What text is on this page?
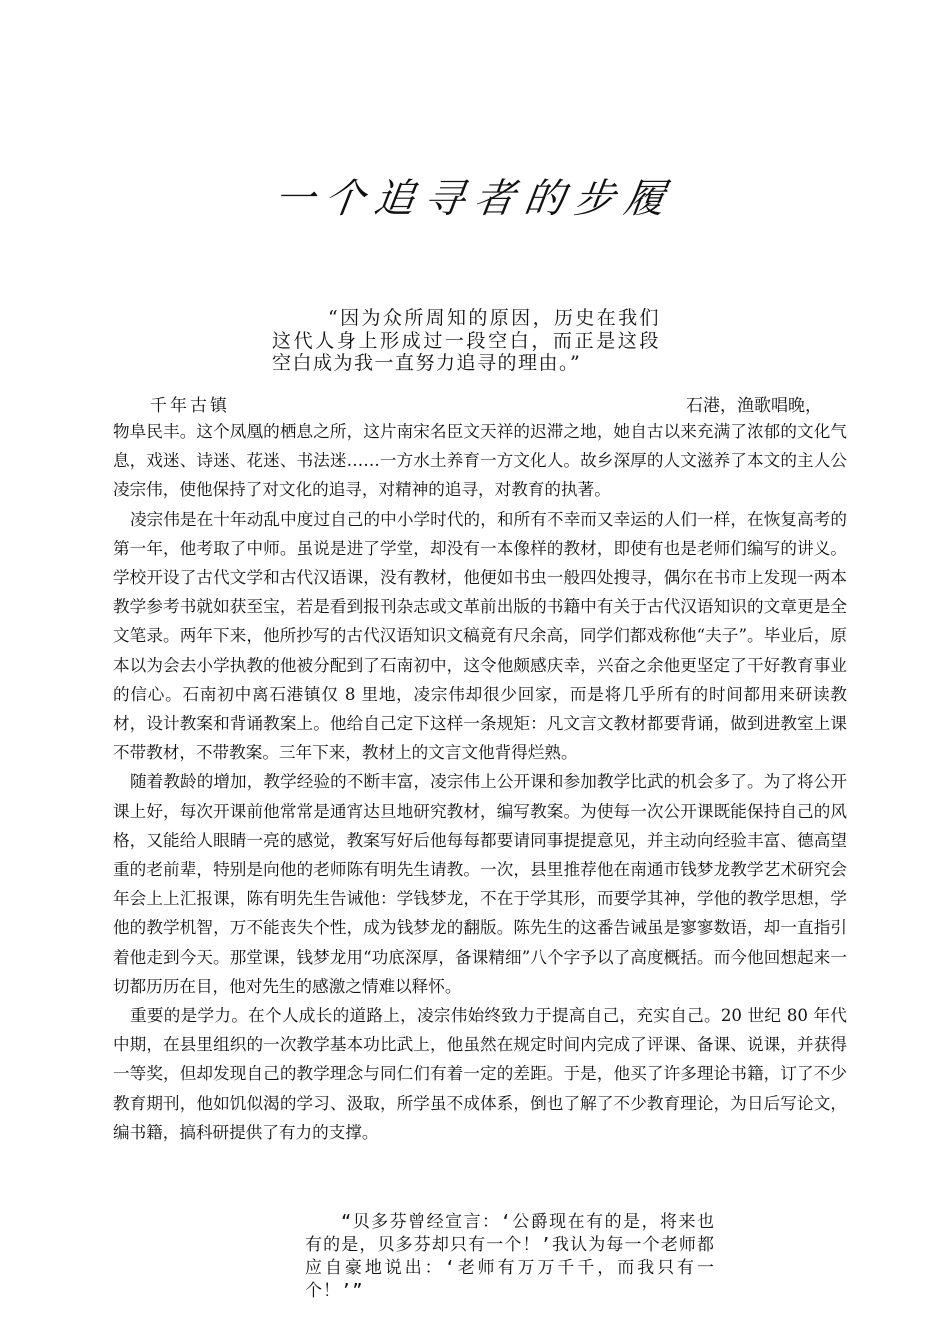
一个追寻者的步履
“因为众所周知的原因，历史在我们这代人身上形成过一段空白，而正是这段空白成为我一直努力追寻的理由。”
千年古镇	石港，渔歌唱晚，

物阜民丰。这个凤凰的栖息之所，这片南宋名臣文天祥的迟滞之地，她自古以来充满了浓郁的文化气息，戏迷、诗迷、花迷、书法迷……一方水土养育一方文化人。故乡深厚的人文滋养了本文的主人公凌宗伟，使他保持了对文化的追寻，对精神的追寻，对教育的执著。

凌宗伟是在十年动乱中度过自己的中小学时代的，和所有不幸而又幸运的人们一样，在恢复高考的第一年，他考取了中师。虽说是进了学堂，却没有一本像样的教材，即使有也是老师们编写的讲义。学校开设了古代文学和古代汉语课，没有教材，他便如书虫一般四处搜寻，偶尔在书市上发现一两本教学参考书就如获至宝，若是看到报刊杂志或文革前出版的书籍中有关于古代汉语知识的文章更是全文笔录。两年下来，他所抄写的古代汉语知识文稿竟有尺余高，同学们都戏称他“夫子”。毕业后，原本以为会去小学执教的他被分配到了石南初中，这令他颇感庆幸，兴奋之余他更坚定了干好教育事业的信心。石南初中离石港镇仅 8 里地，凌宗伟却很少回家，而是将几乎所有的时间都用来研读教材，设计教案和背诵教案上。他给自己定下这样一条规矩：凡文言文教材都要背诵，做到进教室上课不带教材，不带教案。三年下来，教材上的文言文他背得烂熟。

随着教龄的增加，教学经验的不断丰富，凌宗伟上公开课和参加教学比武的机会多了。为了将公开课上好，每次开课前他常常是通宵达旦地研究教材，编写教案。为使每一次公开课既能保持自己的风格，又能给人眼睛一亮的感觉，教案写好后他每每都要请同事提提意见，并主动向经验丰富、德高望重的老前辈，特别是向他的老师陈有明先生请教。一次，县里推荐他在南通市钱梦龙教学艺术研究会年会上上汇报课，陈有明先生告诫他：学钱梦龙，不在于学其形，而要学其神，学他的教学思想，学他的教学机智，万不能丧失个性，成为钱梦龙的翻版。陈先生的这番告诫虽是寥寥数语，却一直指引着他走到今天。那堂课，钱梦龙用“功底深厚，备课精细”八个字予以了高度概括。而今他回想起来一切都历历在目，他对先生的感激之情难以释怀。

重要的是学力。在个人成长的道路上，凌宗伟始终致力于提高自己，充实自己。20 世纪 80 年代中期，在县里组织的一次教学基本功比武上，他虽然在规定时间内完成了评课、备课、说课，并获得一等奖，但却发现自己的教学理念与同仁们有着一定的差距。于是，他买了许多理论书籍，订了不少教育期刊，他如饥似渴的学习、汲取，所学虽不成体系，倒也了解了不少教育理论，为日后写论文，编书籍，搞科研提供了有力的支撑。

“贝多芬曾经宣言：‘公爵现在有的是，将来也有的是，贝多芬却只有一个！’我认为每一个老师都应自豪地说出：‘老师有万万千千，而我只有一个！’”
